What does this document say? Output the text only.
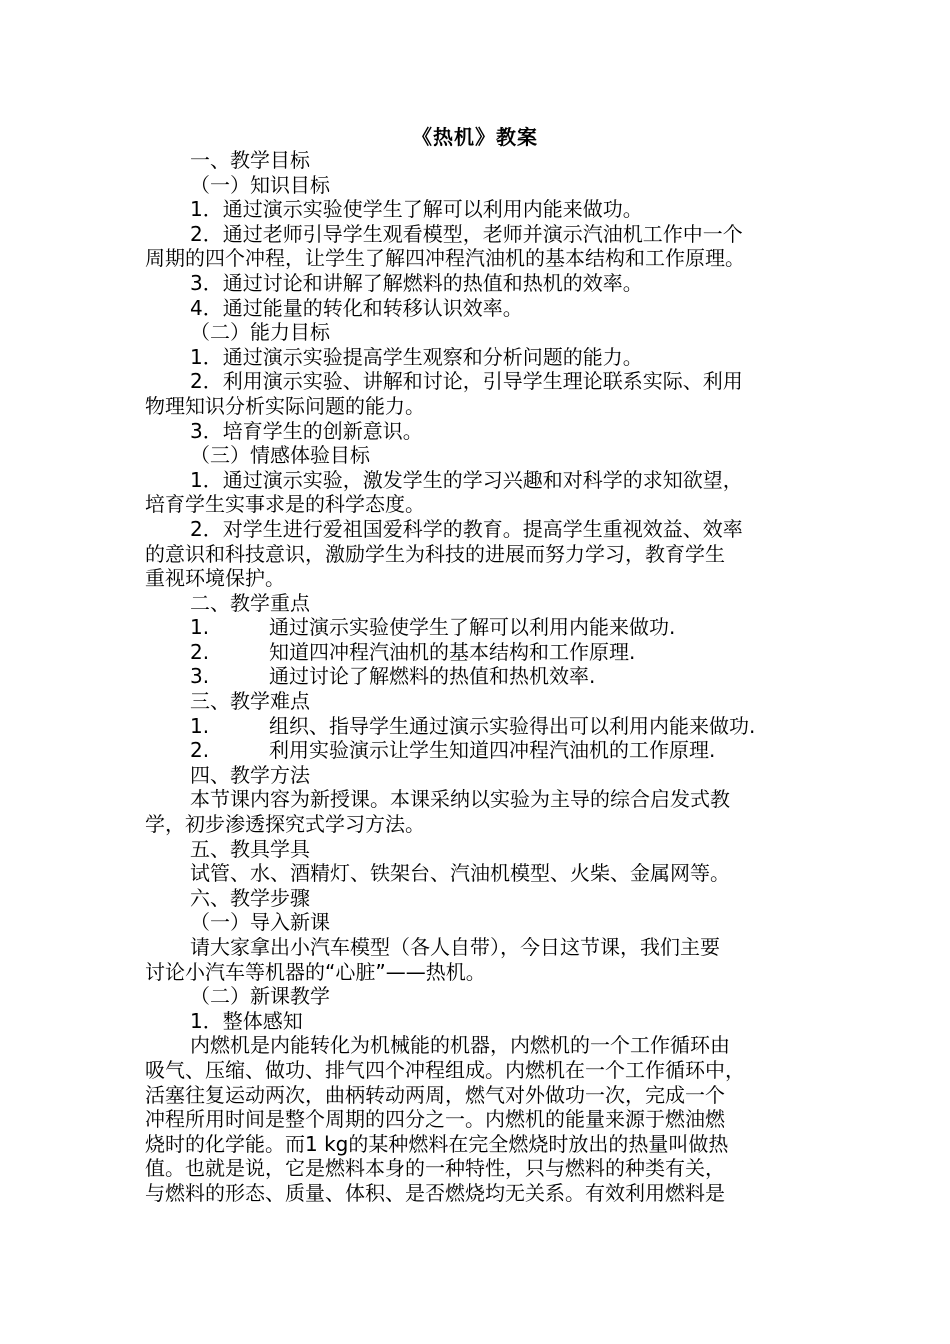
《热机》教案
一、教学目标
（一）知识目标
1．通过演示实验使学生了解可以利用内能来做功。
2．通过老师引导学生观看模型，老师并演示汽油机工作中一个
周期的四个冲程，让学生了解四冲程汽油机的基本结构和工作原理。
3．通过讨论和讲解了解燃料的热值和热机的效率。
4．通过能量的转化和转移认识效率。
（二）能力目标
1．通过演示实验提高学生观察和分析问题的能力。
2．利用演示实验、讲解和讨论，引导学生理论联系实际、利用
物理知识分析实际问题的能力。
3．培育学生的创新意识。
（三）情感体验目标
1．通过演示实验，激发学生的学习兴趣和对科学的求知欲望，
培育学生实事求是的科学态度。
2．对学生进行爱祖国爱科学的教育。提高学生重视效益、效率
的意识和科技意识，激励学生为科技的进展而努力学习，教育学生
重视环境保护。
二、教学重点
1.	通过演示实验使学生了解可以利用内能来做功.
2.	知道四冲程汽油机的基本结构和工作原理.
3.	通过讨论了解燃料的热值和热机效率.
三、教学难点
1.	组织、指导学生通过演示实验得出可以利用内能来做功.
2.	利用实验演示让学生知道四冲程汽油机的工作原理.
四、教学方法
本节课内容为新授课。本课采纳以实验为主导的综合启发式教
学，初步渗透探究式学习方法。
五、教具学具
试管、水、酒精灯、铁架台、汽油机模型、火柴、金属网等。
六、教学步骤
（一）导入新课
请大家拿出小汽车模型（各人自带），今日这节课，我们主要
讨论小汽车等机器的“心脏”——热机。
（二）新课教学
1．整体感知
内燃机是内能转化为机械能的机器，内燃机的一个工作循环由
吸气、压缩、做功、排气四个冲程组成。内燃机在一个工作循环中，
活塞往复运动两次，曲柄转动两周，燃气对外做功一次，完成一个
冲程所用时间是整个周期的四分之一。内燃机的能量来源于燃油燃
烧时的化学能。而1 kg的某种燃料在完全燃烧时放出的热量叫做热
值。也就是说，它是燃料本身的一种特性，只与燃料的种类有关，
与燃料的形态、质量、体积、是否燃烧均无关系。有效利用燃料是
